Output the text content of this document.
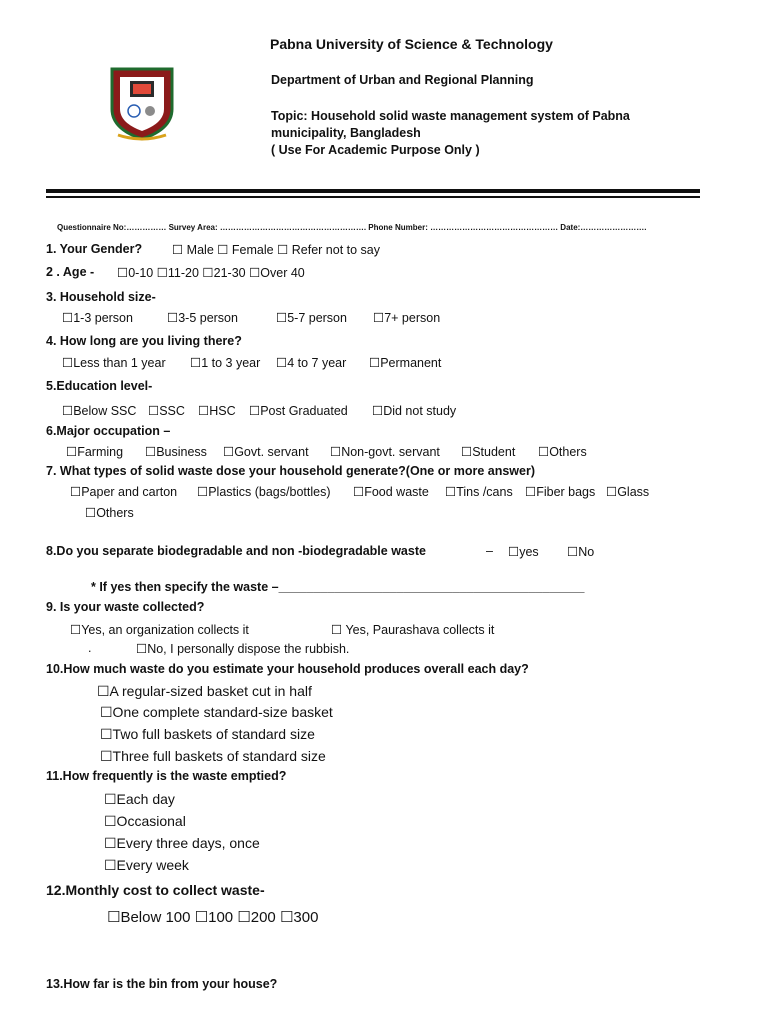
Pabna University of Science & Technology
Department of Urban and Regional Planning
Topic: Household solid waste management system of Pabna
municipality, Bangladesh
( Use For Academic Purpose Only )
Questionnaire No:…………… Survey Area: ………………………………………………. Phone Number: ………………………………………… Date:…………………….
1. Your Gender? ☐ Male ☐ Female ☐ Refer not to say
2 . Age - ☐0-10 ☐11-20 ☐21-30 ☐Over 40
3. Household size-
☐1-3 person	☐3-5 person	☐5-7 person ☐7+ person
4. How long are you living there?
☐Less than 1 year ☐1 to 3 year ☐4 to 7 year ☐Permanent
5.Education level-
☐Below SSC ☐SSC ☐HSC ☐Post Graduated ☐Did not study
6.Major occupation –
☐Farming ☐Business ☐Govt. servant ☐Non-govt. servant ☐Student ☐Others
7. What types of solid waste dose your household generate?(One or more answer)
☐Paper and carton ☐Plastics (bags/bottles) ☐Food waste ☐Tins /cans ☐Fiber bags ☐Glass
☐Others
8.Do you separate biodegradable and non -biodegradable waste	– ☐yes ☐No
* If yes then specify the waste –____________________________________________
9. Is your waste collected?
☐Yes, an organization collects it	☐ Yes, Paurashava collects it
.	☐No, I personally dispose the rubbish.
10.How much waste do you estimate your household produces overall each day?
☐A regular-sized basket cut in half
☐One complete standard-size basket
☐Two full baskets of standard size
☐Three full baskets of standard size
11.How frequently is the waste emptied?
☐Each day
☐Occasional
☐Every three days, once
☐Every week
12.Monthly cost to collect waste-
☐Below 100 ☐100 ☐200 ☐300
13.How far is the bin from your house?
